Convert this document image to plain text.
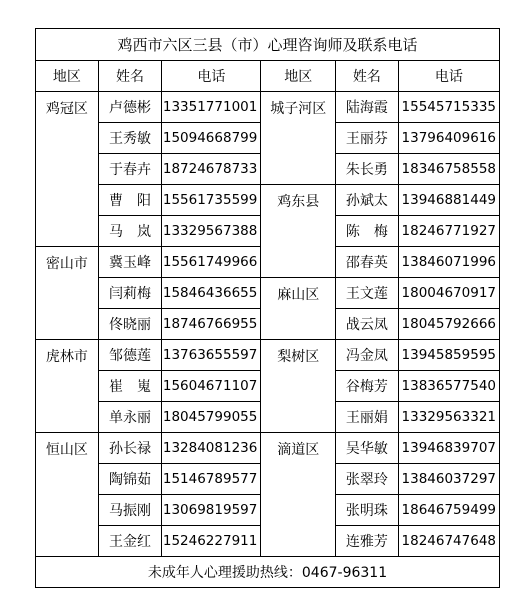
鸡西市六区三县（市）心理咨询师及联系电话					
地区	姓名	电话	地区	姓名	电话
鸡冠区	卢德彬	13351771001	城子河区	陆海霞	15545715335
	王秀敏	15094668799		王丽芬	13796409616
	于春卉	18724678733		朱长勇	18346758558
	曹　阳	15561735599	鸡东县	孙斌太	13946881449
	马　岚	13329567388		陈　梅	18246771927
密山市	冀玉峰	15561749966		邵春英	13846071996
	闫莉梅	15846436655	麻山区	王文莲	18004670917
	佟晓丽	18746766955		战云凤	18045792666
虎林市	邹德莲	13763655597	梨树区	冯金凤	13945859595
	崔　嵬	15604671107		谷梅芳	13836577540
	单永丽	18045799055		王丽娟	13329563321
恒山区	孙长禄	13284081236	滴道区	吴华敏	13946839707
	陶锦茹	15146789577		张翠玲	13846037297
	马振刚	13069819597		张明珠	18646759499
	王金红	15246227911		连雅芳	18246747648
未成年人心理援助热线：0467-96311					
